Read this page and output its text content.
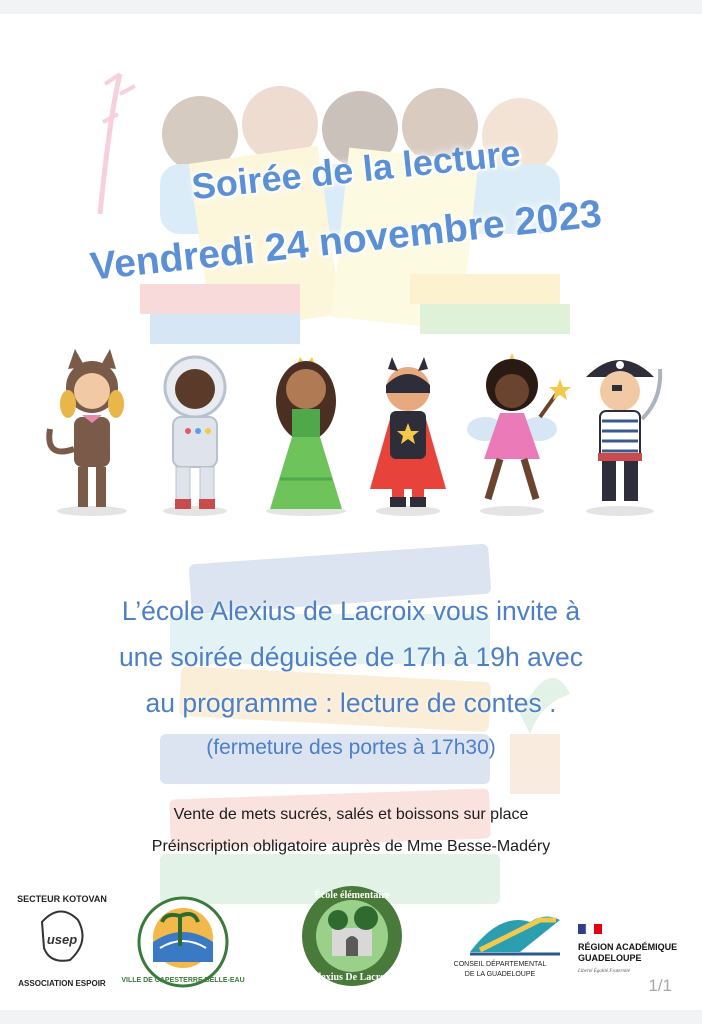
Soirée de la lecture
Vendredi 24 novembre 2023
L’école Alexius de Lacroix vous invite à
une soirée déguisée de 17h à 19h avec
au programme : lecture de contes .
(fermeture des portes à 17h30)
Vente de mets sucrés, salés et boissons sur place
Préinscription obligatoire auprès de Mme Besse-Madéry
usep
SECTEUR KOTOVAN
ASSOCIATION ESPOIR VILLE DE CAPESTERRE BELLE-EAU
École élémentaire
Alexius De Lacroix
CONSEIL DÉPARTEMENTAL
DE LA GUADELOUPE
RÉGION ACADÉMIQUE
GUADELOUPE
Liberté Égalité Fraternité
1/1
